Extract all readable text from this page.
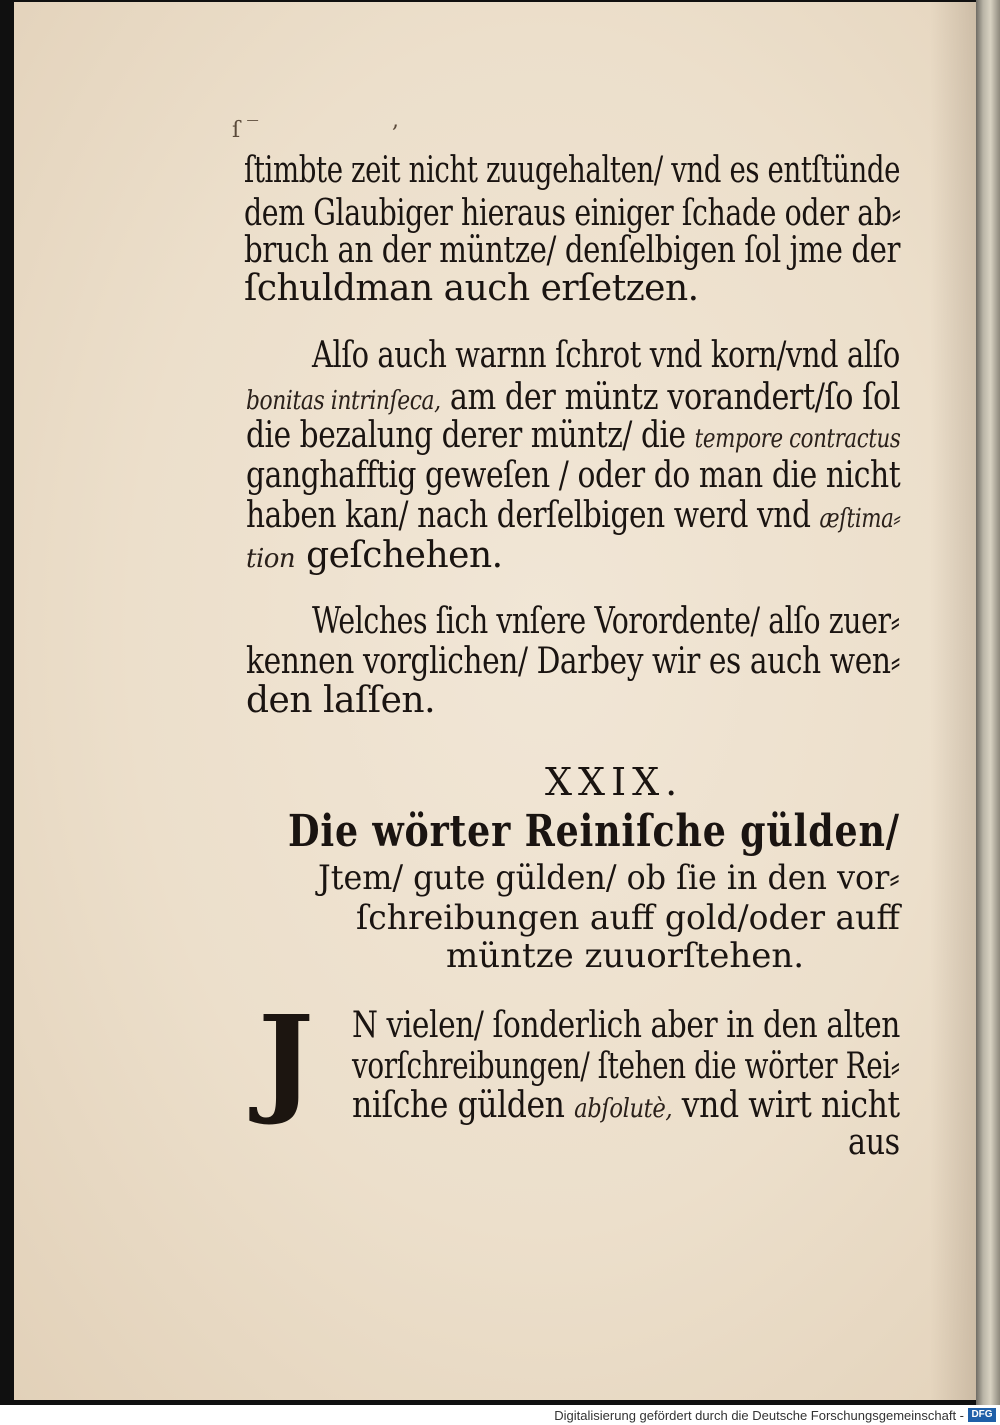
ſ ‾	,
ſtimbte zeit nicht zuugehalten/ vnd es entſtünde
dem Glaubiger hieraus einiger ſchade oder ab⸗
bruch an der müntze/ denſelbigen ſol jme der
ſchuldman auch erſetzen.
Alſo auch warnn ſchrot vnd korn/vnd alſo
bonitas intrinſeca, am der müntz vorandert/ſo ſol
die bezalung derer müntz/ die tempore contractus
ganghafftig geweſen / oder do man die nicht
haben kan/ nach derſelbigen werd vnd æſtima⸗
tion geſchehen.
Welches ſich vnſere Vorordente/ alſo zuer⸗
kennen vorglichen/ Darbey wir es auch wen⸗
den laſſen.
XXIX.
Die wörter Reiniſche gülden/
Jtem/ gute gülden/ ob ſie in den vor⸗
ſchreibungen auff gold/oder auff
müntze zuuorſtehen.
J N vielen/ ſonderlich aber in den alten
vorſchreibungen/ ſtehen die wörter Rei⸗
niſche gülden abſolutè, vnd wirt nicht
aus
Digitalisierung gefördert durch die Deutsche Forschungsgemeinschaft - DFG
